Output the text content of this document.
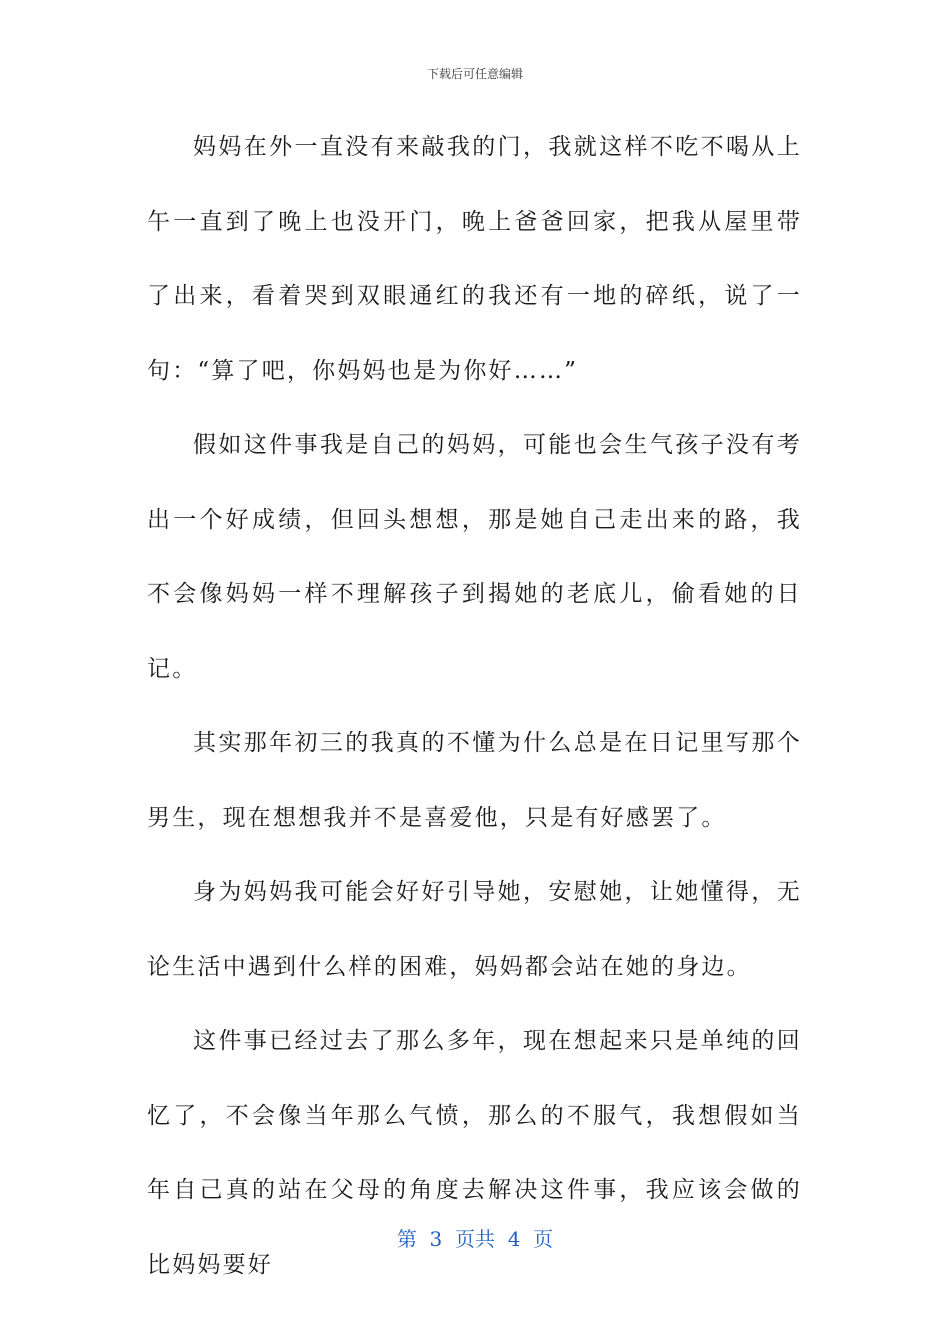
下载后可任意编辑

妈妈在外一直没有来敲我的门，我就这样不吃不喝从上午一直到了晚上也没开门，晚上爸爸回家，把我从屋里带了出来，看着哭到双眼通红的我还有一地的碎纸，说了一句：“算了吧，你妈妈也是为你好……”

假如这件事我是自己的妈妈，可能也会生气孩子没有考出一个好成绩，但回头想想，那是她自己走出来的路，我不会像妈妈一样不理解孩子到揭她的老底儿，偷看她的日记。

其实那年初三的我真的不懂为什么总是在日记里写那个男生，现在想想我并不是喜爱他，只是有好感罢了。

身为妈妈我可能会好好引导她，安慰她，让她懂得，无论生活中遇到什么样的困难，妈妈都会站在她的身边。

这件事已经过去了那么多年，现在想起来只是单纯的回忆了，不会像当年那么气愤，那么的不服气，我想假如当年自己真的站在父母的角度去解决这件事，我应该会做的比妈妈要好

第  3  页共  4  页
